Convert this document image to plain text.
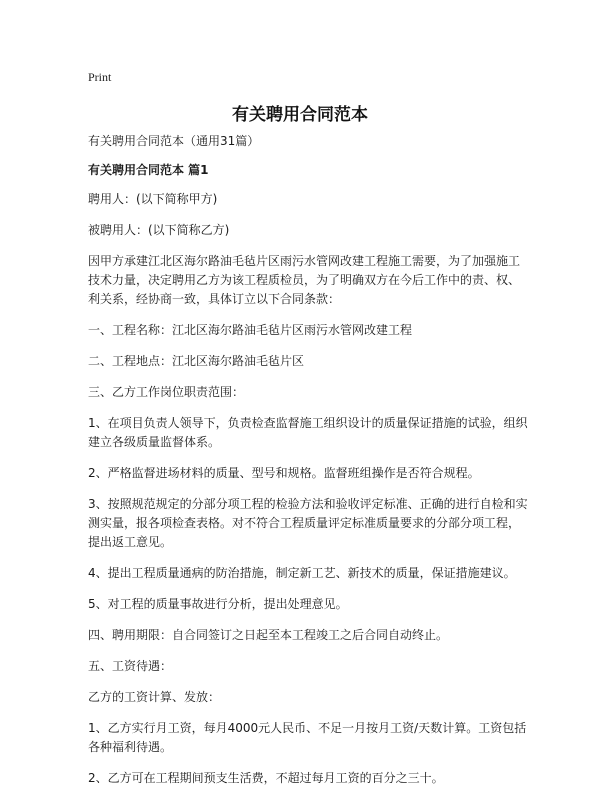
Print
有关聘用合同范本

有关聘用合同范本（通用31篇）

有关聘用合同范本 篇1

聘用人：(以下简称甲方)

被聘用人：(以下简称乙方)

因甲方承建江北区海尔路油毛毡片区雨污水管网改建工程施工需要，为了加强施工技术力量，决定聘用乙方为该工程质检员，为了明确双方在今后工作中的责、权、利关系，经协商一致，具体订立以下合同条款：

一、工程名称：江北区海尔路油毛毡片区雨污水管网改建工程

二、工程地点：江北区海尔路油毛毡片区

三、乙方工作岗位职责范围：

1、在项目负责人领导下，负责检查监督施工组织设计的质量保证措施的试验，组织建立各级质量监督体系。

2、严格监督进场材料的质量、型号和规格。监督班组操作是否符合规程。

3、按照规范规定的分部分项工程的检验方法和验收评定标准、正确的进行自检和实测实量，报各项检查表格。对不符合工程质量评定标准质量要求的分部分项工程，提出返工意见。

4、提出工程质量通病的防治措施，制定新工艺、新技术的质量，保证措施建议。

5、对工程的质量事故进行分析，提出处理意见。

四、聘用期限：自合同签订之日起至本工程竣工之后合同自动终止。

五、工资待遇：

乙方的工资计算、发放：

1、乙方实行月工资，每月4000元人民币、不足一月按月工资/天数计算。工资包括各种福利待遇。

2、乙方可在工程期间预支生活费，不超过每月工资的百分之三十。
